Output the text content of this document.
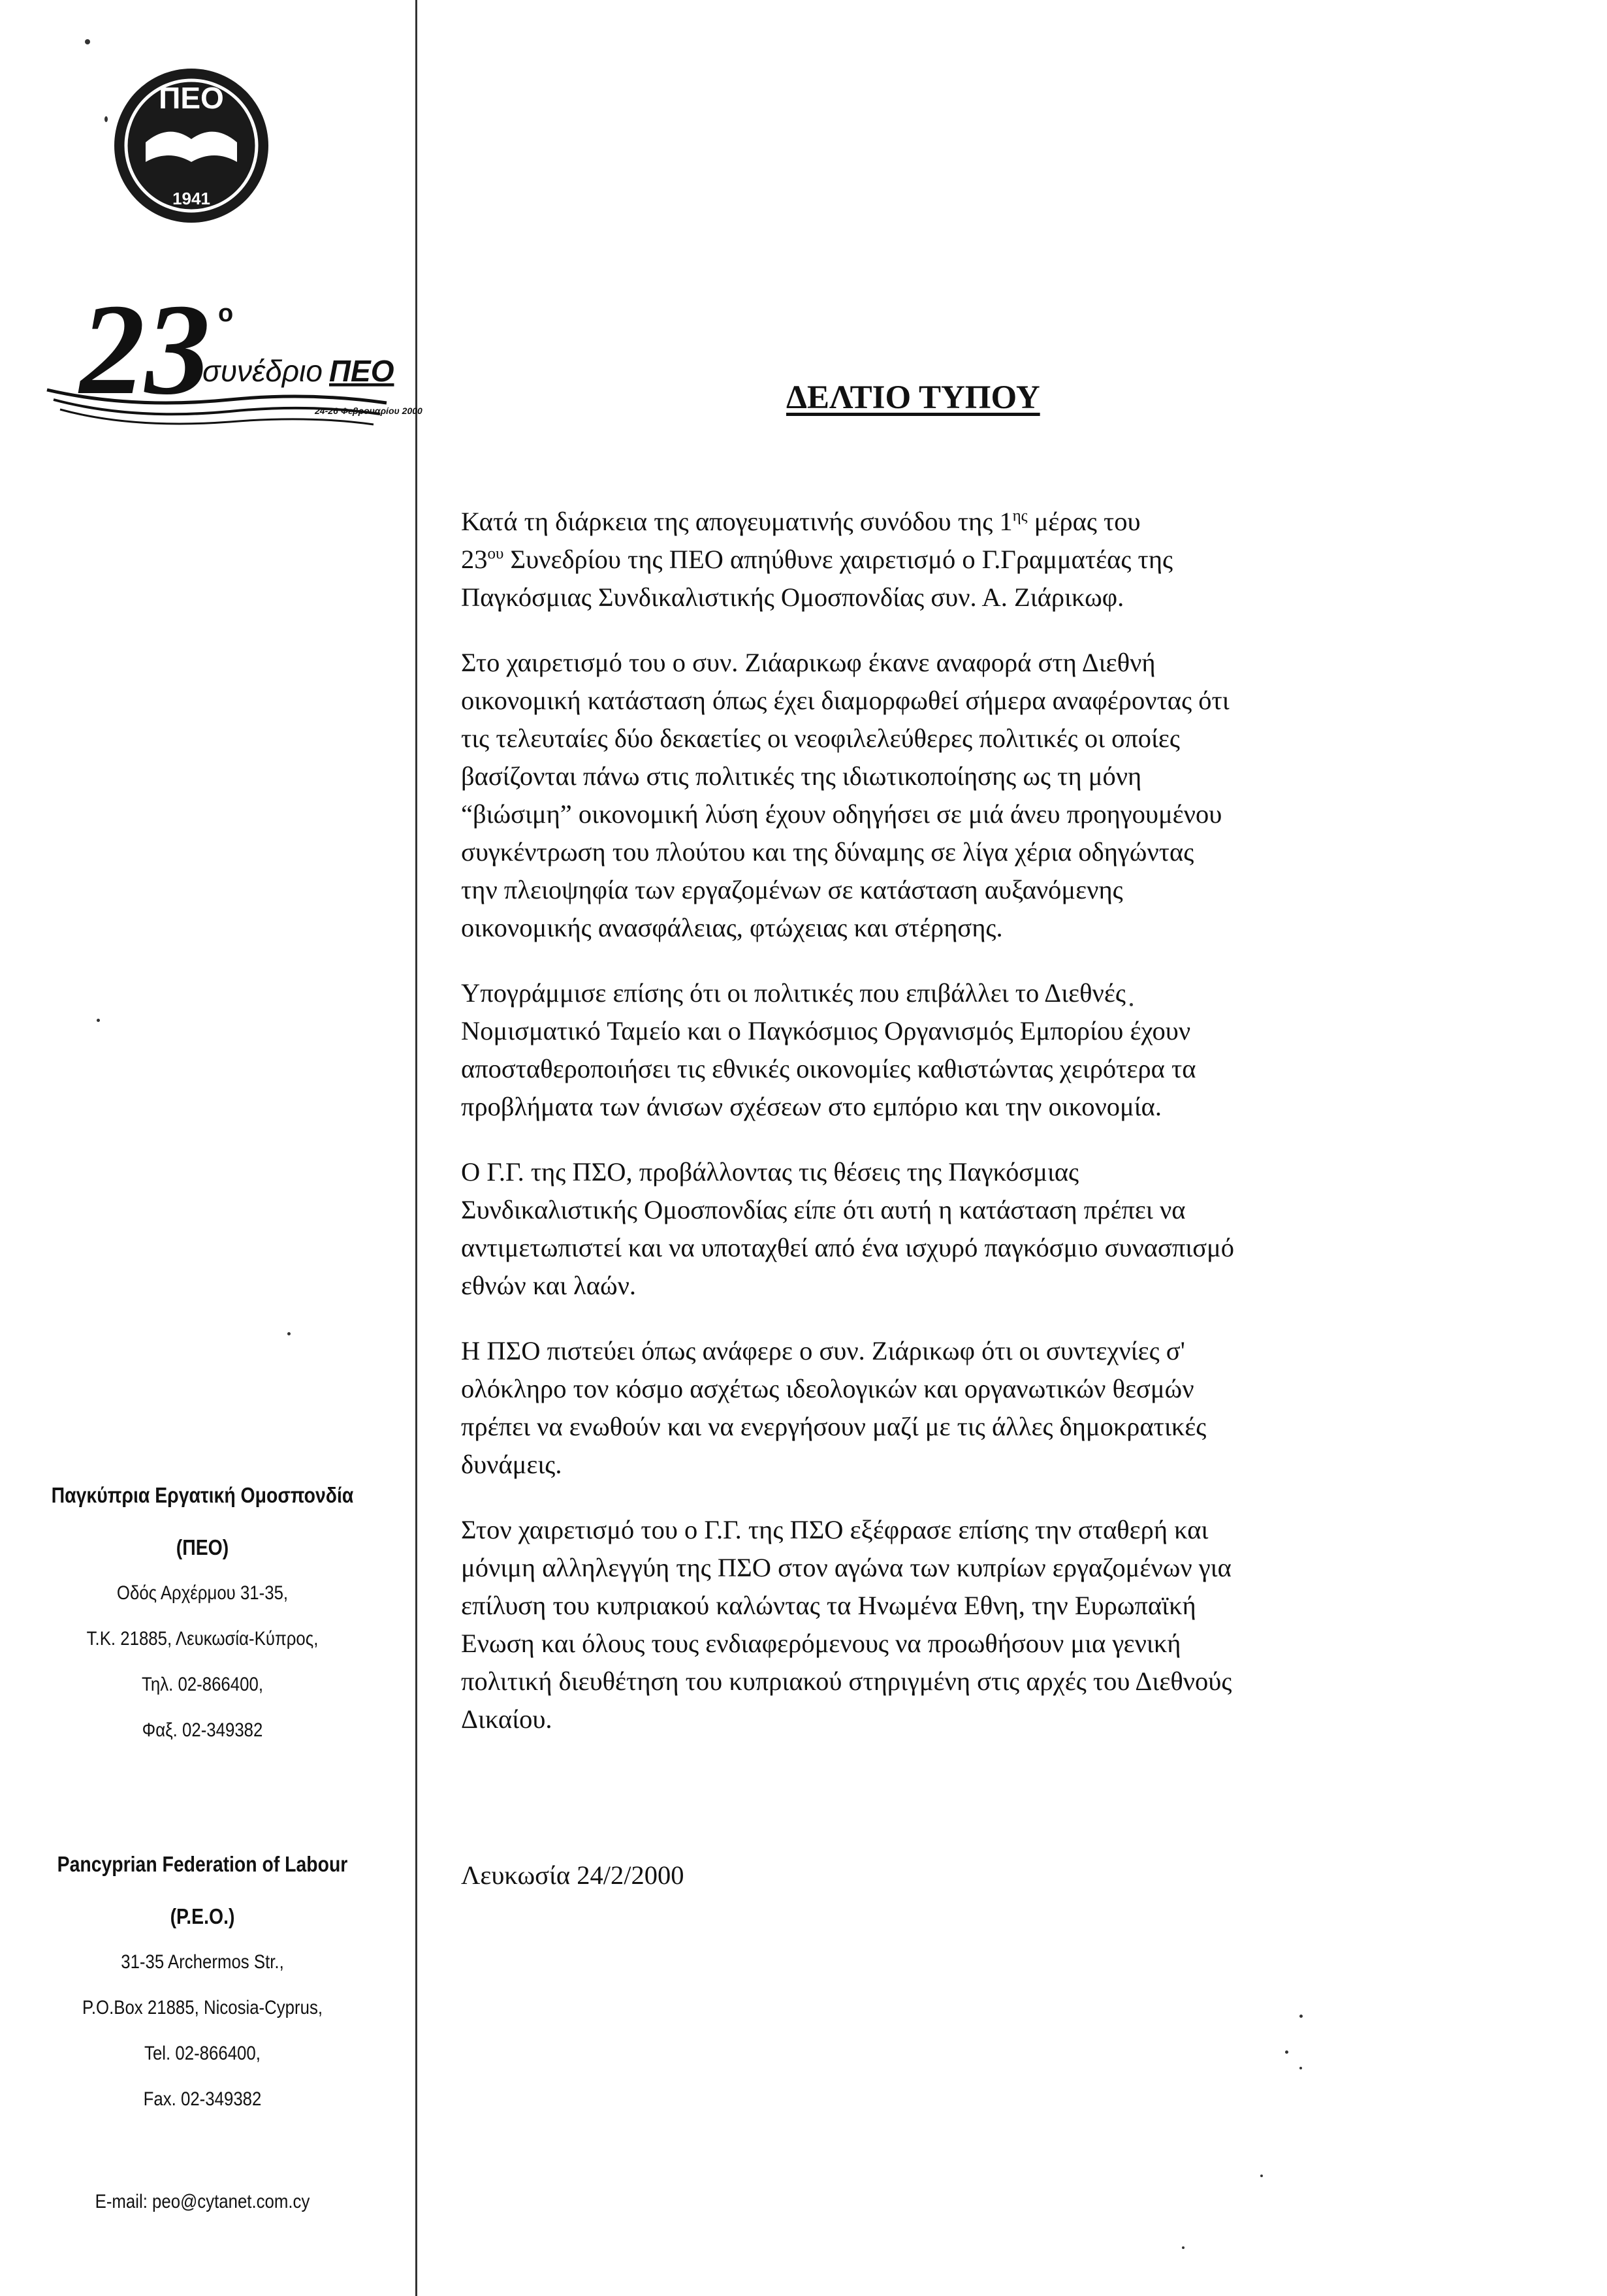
ΠΕΟ
1941
23 ο
συνέδριο ΠΕΟ
24-26 Φεβρουαρίου 2000
Παγκύπρια Εργατική Ομοσπονδία
(ΠΕΟ)
Οδός Αρχέρμου 31-35,
Τ.Κ. 21885, Λευκωσία-Κύπρος,
Τηλ. 02-866400,
Φαξ. 02-349382
Pancyprian Federation of Labour
(P.E.O.)
31-35 Archermos Str.,
P.O.Box 21885, Nicosia-Cyprus,
Tel. 02-866400,
Fax. 02-349382
E-mail: peo@cytanet.com.cy
ΔΕΛΤΙΟ ΤΥΠΟΥ
Κατά τη διάρκεια της απογευματινής συνόδου της $1^{\eta\varsigma}$ μέρας του
$23^{o\upsilon}$ Συνεδρίου της ΠΕΟ απηύθυνε χαιρετισμό ο Γ.Γραμματέας της
Παγκόσμιας Συνδικαλιστικής Ομοσπονδίας συν. Α. Ζιάρικωφ.
Στο χαιρετισμό του ο συν. Ζιάαρικωφ έκανε αναφορά στη Διεθνή
οικονομική κατάσταση όπως έχει διαμορφωθεί σήμερα αναφέροντας ότι
τις τελευταίες δύο δεκαετίες οι νεοφιλελεύθερες πολιτικές οι οποίες
βασίζονται πάνω στις πολιτικές της ιδιωτικοποίησης ως τη μόνη
“βιώσιμη” οικονομική λύση έχουν οδηγήσει σε μιά άνευ προηγουμένου
συγκέντρωση του πλούτου και της δύναμης σε λίγα χέρια οδηγώντας
την πλειοψηφία των εργαζομένων σε κατάσταση αυξανόμενης
οικονομικής ανασφάλειας, φτώχειας και στέρησης.
Υπογράμμισε επίσης ότι οι πολιτικές που επιβάλλει το Διεθνές
Νομισματικό Ταμείο και ο Παγκόσμιος Οργανισμός Εμπορίου έχουν
αποσταθεροποιήσει τις εθνικές οικονομίες καθιστώντας χειρότερα τα
προβλήματα των άνισων σχέσεων στο εμπόριο και την οικονομία.
Ο Γ.Γ. της ΠΣΟ, προβάλλοντας τις θέσεις της Παγκόσμιας
Συνδικαλιστικής Ομοσπονδίας είπε ότι αυτή η κατάσταση πρέπει να
αντιμετωπιστεί και να υποταχθεί από ένα ισχυρό παγκόσμιο συνασπισμό
εθνών και λαών.
Η ΠΣΟ πιστεύει όπως ανάφερε ο συν. Ζιάρικωφ ότι οι συντεχνίες σ'
ολόκληρο τον κόσμο ασχέτως ιδεολογικών και οργανωτικών θεσμών
πρέπει να ενωθούν και να ενεργήσουν μαζί με τις άλλες δημοκρατικές
δυνάμεις.
Στον χαιρετισμό του ο Γ.Γ. της ΠΣΟ εξέφρασε επίσης την σταθερή και
μόνιμη αλληλεγγύη της ΠΣΟ στον αγώνα των κυπρίων εργαζομένων για
επίλυση του κυπριακού καλώντας τα Ηνωμένα Εθνη, την Ευρωπαϊκή
Ενωση και όλους τους ενδιαφερόμενους να προωθήσουν μια γενική
πολιτική διευθέτηση του κυπριακού στηριγμένη στις αρχές του Διεθνούς
Δικαίου.
Λευκωσία 24/2/2000
